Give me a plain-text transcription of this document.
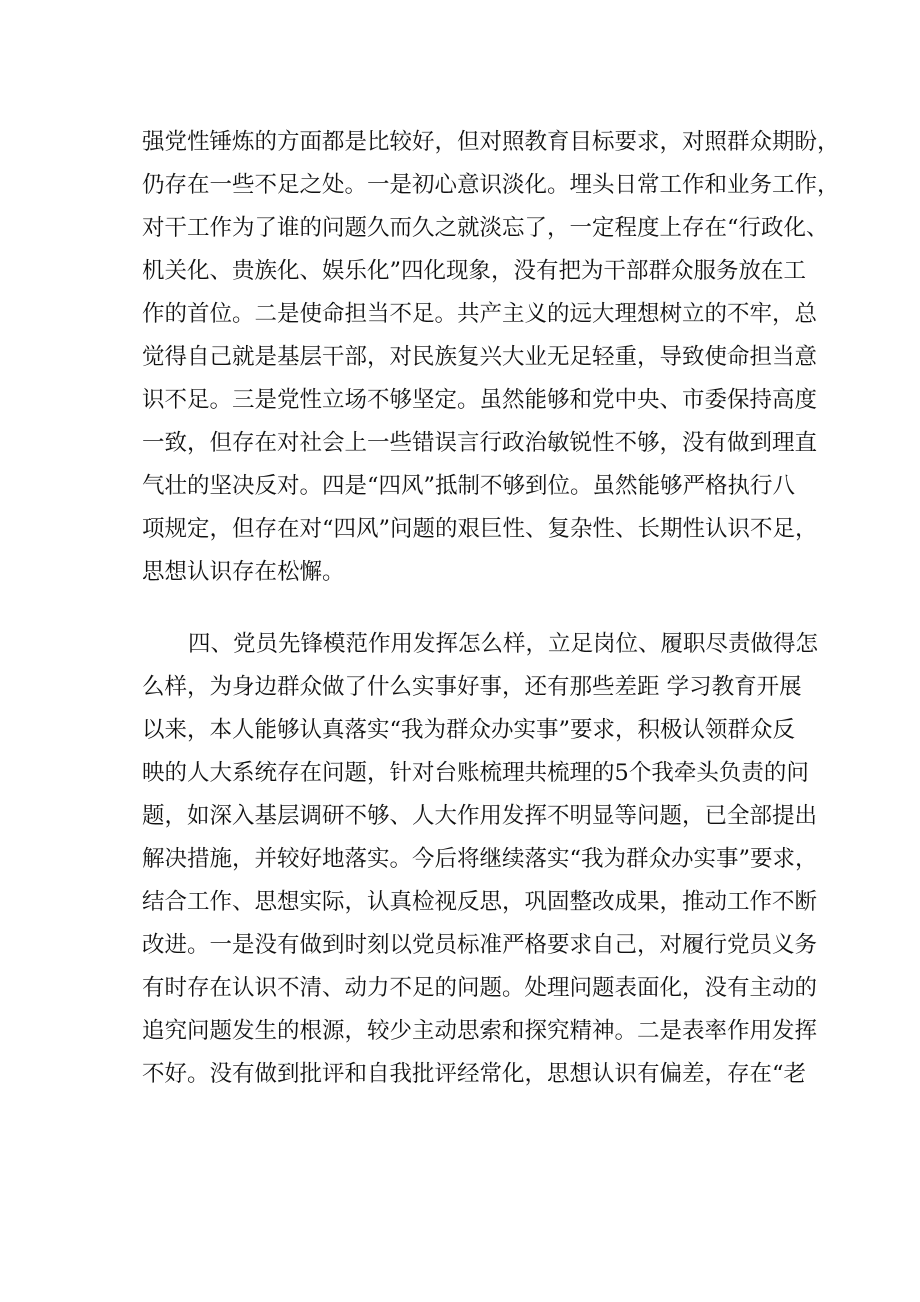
强党性锤炼的方面都是比较好，但对照教育目标要求，对照群众期盼，
仍存在一些不足之处。一是初心意识淡化。埋头日常工作和业务工作，
对干工作为了谁的问题久而久之就淡忘了，一定程度上存在“行政化、
机关化、贵族化、娱乐化”四化现象，没有把为干部群众服务放在工
作的首位。二是使命担当不足。共产主义的远大理想树立的不牢，总
觉得自己就是基层干部，对民族复兴大业无足轻重，导致使命担当意
识不足。三是党性立场不够坚定。虽然能够和党中央、市委保持高度
一致，但存在对社会上一些错误言行政治敏锐性不够，没有做到理直
气壮的坚决反对。四是“四风”抵制不够到位。虽然能够严格执行八
项规定，但存在对“四风”问题的艰巨性、复杂性、长期性认识不足，
思想认识存在松懈。
四、党员先锋模范作用发挥怎么样，立足岗位、履职尽责做得怎
么样，为身边群众做了什么实事好事，还有那些差距 学习教育开展
以来，本人能够认真落实“我为群众办实事”要求，积极认领群众反
映的人大系统存在问题，针对台账梳理共梳理的5个我牵头负责的问
题，如深入基层调研不够、人大作用发挥不明显等问题，已全部提出
解决措施，并较好地落实。今后将继续落实“我为群众办实事”要求，
结合工作、思想实际，认真检视反思，巩固整改成果，推动工作不断
改进。一是没有做到时刻以党员标准严格要求自己，对履行党员义务
有时存在认识不清、动力不足的问题。处理问题表面化，没有主动的
追究问题发生的根源，较少主动思索和探究精神。二是表率作用发挥
不好。没有做到批评和自我批评经常化，思想认识有偏差，存在“老
